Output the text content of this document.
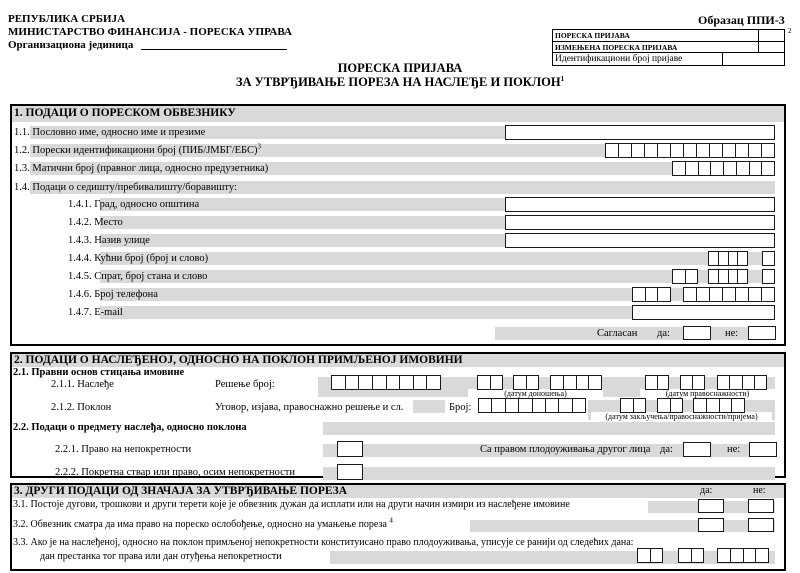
РЕПУБЛИКА СРБИЈА
МИНИСТАРСТВО ФИНАНСИЈА - ПОРЕСКА УПРАВА
Организациона јединица
Образац ППИ-3
ПОРЕСКА ПРИЈАВА
ИЗМЕЊЕНА ПОРЕСКА ПРИЈАВА
Идентификациони број пријаве
2
ПОРЕСКА ПРИЈАВА
ЗА УТВРЂИВАЊЕ ПОРЕЗА НА НАСЛЕЂЕ И ПОКЛОН$^1$
1. ПОДАЦИ О ПОРЕСКОМ ОБВЕЗНИКУ
1.1. Пословно име, односно име и презиме
1.2. Порески идентификациони број (ПИБ/ЈМБГ/ЕБС)$^3$
1.3. Матични број (правног лица, односно предузетника)
1.4. Подаци о седишту/пребивалишту/боравишту:
1.4.1. Град, односно општина
1.4.2. Место
1.4.3. Назив улице
1.4.4. Кућни број (број и слово)
1.4.5. Спрат, број стана и слово
1.4.6. Број телефона
1.4.7. E-mail
Сагласан да:	не:
2. ПОДАЦИ О НАСЛЕЂЕНОЈ, ОДНОСНО НА ПОКЛОН ПРИМЉЕНОЈ ИМОВИНИ
2.1. Правни основ стицања имовине
2.1.1. Наслеђе	Решење број:
(датум доношења)	(датум правоснажности)
2.1.2. Поклон	Уговор, изјава, правоснажно решење и сл.	Број:
(датум закључења/правоснажности/пријема)
2.2. Подаци о предмету наслеђа, односно поклона
2.2.1. Право на непокретности	Са правом плодоуживања другог лица да:	не:
2.2.2. Покретна ствар или право, осим непокретности
3. ДРУГИ ПОДАЦИ ОД ЗНАЧАЈА ЗА УТВРЂИВАЊЕ ПОРЕЗА	да:	не:
3.1. Постоје дугови, трошкови и други терети које је обвезник дужан да исплати или на други начин измири из наслеђене имовине
3.2. Обвезник сматра да има право на пореско ослобођење, односно на умањење пореза $^4$
3.3. Ако је на наслеђеној, односно на поклон примљеној непокретности конституисано право плодоуживања, уписује се ранији од следећих дана:
дан престанка тог права или дан отуђења непокретности
